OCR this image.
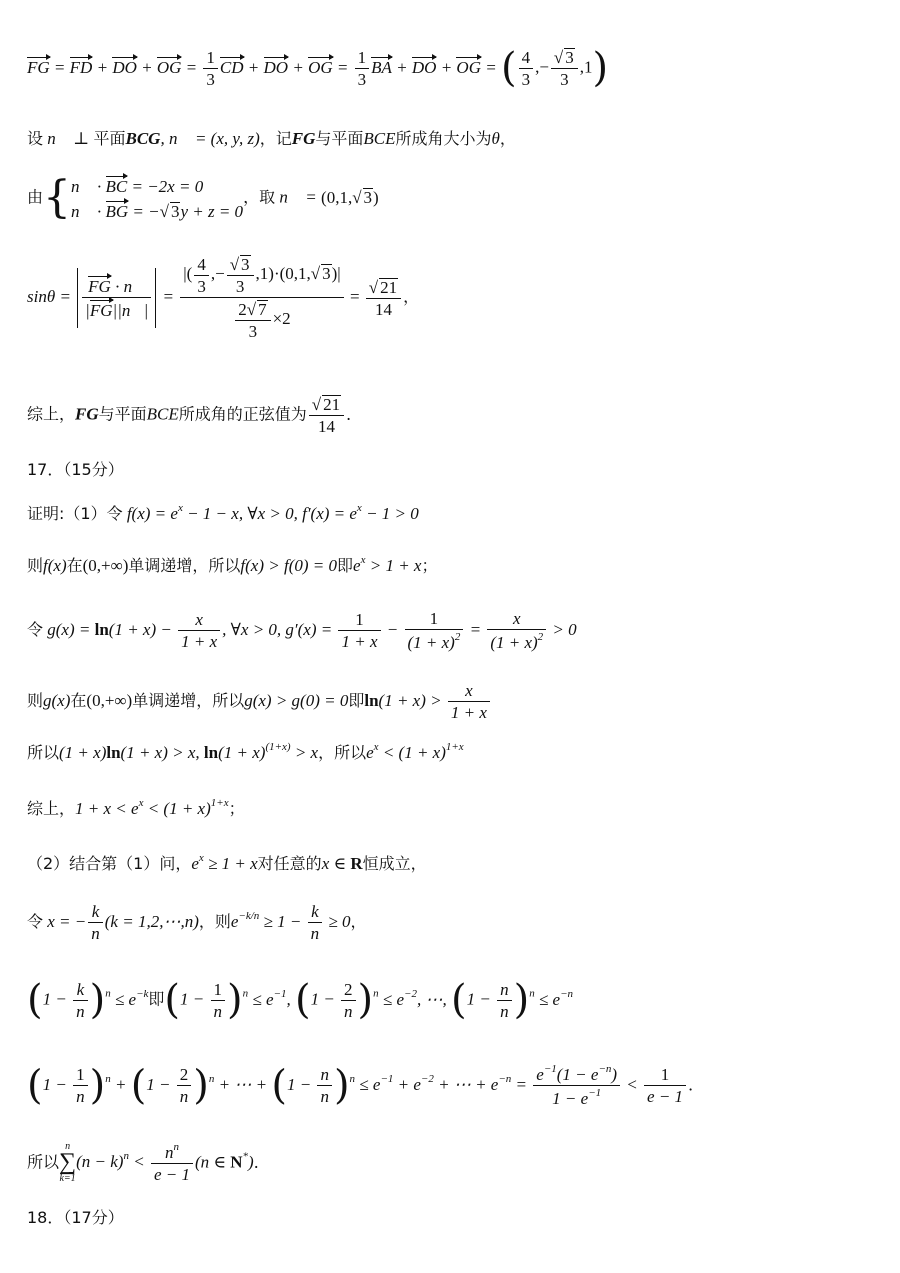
FG = FD + DO + OG = $\frac{1}{3}$ CD + DO + OG = $\frac{1}{3}$ BA + DO + OG = ( $\frac{4}{3}$ ,− $\frac{√ 3}{3} ,1$)
设 n⃗ ⊥ 平面BCG, n⃗ = (x, y, z)，记FG与平面BCE所成角大小为θ，
由{ n⃗ · BC = −2x = 0
n⃗ · BG = −√ 3y + z = 0
，取 n⃗ = (0,1,√ 3)
$\sin\theta = \frac{FG \cdot n⃗}{|FG||n⃗|} = \frac{|( \frac{4}{3} ,- \frac{√ 3}{3} ,1)\cdot(0,1,√ 3)|}{\frac{2√ 7}{3} \times 2} = \frac{√ 21}{14}$ ，
综上，FG与平面BCE所成角的正弦值为 $\frac{√ 21}{14}$ ．
17．（15分）
证明:（1）令 $f(x) = e^x - 1 - x$, ∀x > 0, $f'(x) = e^x - 1 > 0$
则f(x)在(0,+∞)单调递增，所以f(x) > f(0) = 0即$e^x > 1 + x$；
令 $g(x) = \ln(1 + x) - \frac{x}{1 + x}$ , ∀x > 0, $g'(x) = \frac{1}{1 + x} - \frac{1}{(1 + x)^2} = \frac{x}{(1 + x)^2} > 0$
则g(x)在(0,+∞)单调递增，所以g(x) > g(0) = 0即$\ln(1 + x) > \frac{x}{1 + x}$
所以(1 + x)ln(1 + x) > x, $\ln(1 + x)^{(1+x)} > x$，所以$e^x < (1 + x)^{1+x}$
综上，$1 + x < e^x < (1 + x)^{1+x}$；
（2）结合第（1）问，$e^x \ge 1 + x$对任意的x ∈ R恒成立，
令 x = − $\frac{k}{n} (k$ = 1,2,⋯,n)，则$e^{-k/n} \ge 1 - \frac{k}{n} \ge 0$，
$(1 - \frac{k}{n} )^n \le e^{-k}$即$(1 - \frac{1}{n} )^n \le e^{-1}$, $(1 - \frac{2}{n} )^n \le e^{-2}$, ⋯, $(1 - \frac{n}{n} )^n \le e^{-n}$
$(1 - \frac{1}{n} )^n + (1 - \frac{2}{n} )^n$ + ⋯ + $(1 - \frac{n}{n} )^n \le e^{-1} + e^{-2}$ + ⋯ + $e^{-n} = \frac{e^{-1}(1 - e^{-n})}{1 - e^{-1}} < \frac{1}{e - 1}$ ．
所以
n
∑
k=1
$(n - k)^n < \frac{n^n}{e - 1} (n$ ∈ N*)．
18．（17分）
